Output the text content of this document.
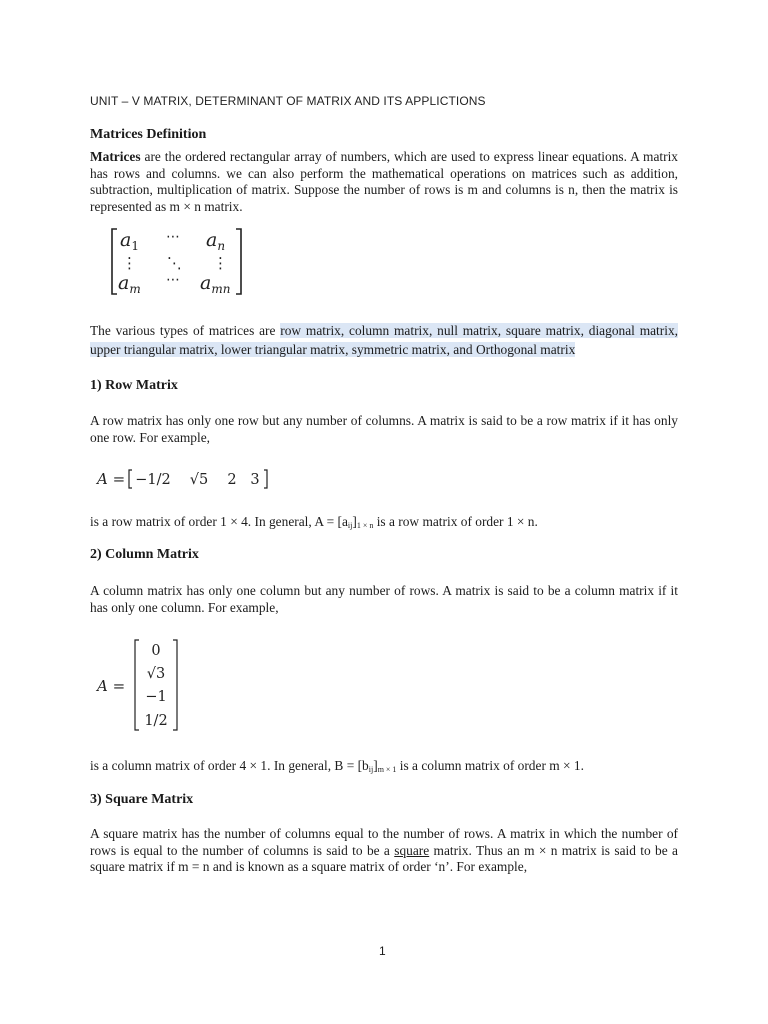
UNIT – V MATRIX, DETERMINANT OF MATRIX AND ITS APPLICTIONS
Matrices Definition
Matrices are the ordered rectangular array of numbers, which are used to express linear equations. A matrix has rows and columns. we can also perform the mathematical operations on matrices such as addition, subtraction, multiplication of matrix. Suppose the number of rows is m and columns is n, then the matrix is represented as m × n matrix.
$a_1$
⋯ $a_n$
⋮ ⋱ ⋮
$a_m$
⋯ $a_{mn}$
The various types of matrices are row matrix, column matrix, null matrix, square matrix, diagonal matrix, upper triangular matrix, lower triangular matrix, symmetric matrix, and Orthogonal matrix
1) Row Matrix
A row matrix has only one row but any number of columns. A matrix is said to be a row matrix if it has only one row. For example,
A = −1/2 √5 2 3
is a row matrix of order 1 × 4. In general, $A = [a_{ij}]_{1 \times n}$ is a row matrix of order 1 × n.
2) Column Matrix
A column matrix has only one column but any number of rows. A matrix is said to be a column matrix if it has only one column. For example,
A =
0
√3
−1
1/2
is a column matrix of order 4 × 1. In general, $B = [b_{ij}]_{m \times 1}$ is a column matrix of order m × 1.
3) Square Matrix
A square matrix has the number of columns equal to the number of rows. A matrix in which the number of rows is equal to the number of columns is said to be a square matrix. Thus an m × n matrix is said to be a square matrix if m = n and is known as a square matrix of order ‘n’. For example,
1
